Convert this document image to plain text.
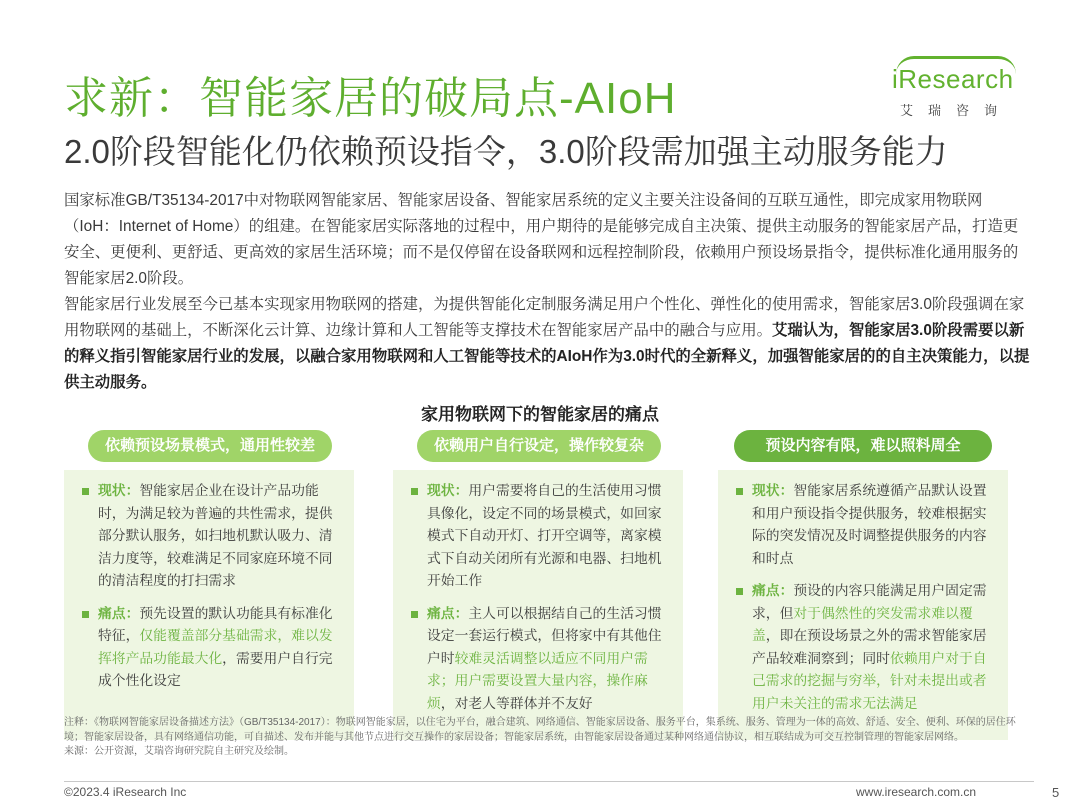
求新：智能家居的破局点-AIoH
2.0阶段智能化仍依赖预设指令，3.0阶段需加强主动服务能力
iResearch
艾瑞咨询

国家标准GB/T35134-2017中对物联网智能家居、智能家居设备、智能家居系统的定义主要关注设备间的互联互通性，即完成家用物联网（IoH：Internet of Home）的组建。在智能家居实际落地的过程中，用户期待的是能够完成自主决策、提供主动服务的智能家居产品，打造更安全、更便利、更舒适、更高效的家居生活环境；而不是仅停留在设备联网和远程控制阶段，依赖用户预设场景指令，提供标准化通用服务的智能家居2.0阶段。

智能家居行业发展至今已基本实现家用物联网的搭建，为提供智能化定制服务满足用户个性化、弹性化的使用需求，智能家居3.0阶段强调在家用物联网的基础上，不断深化云计算、边缘计算和人工智能等支撑技术在智能家居产品中的融合与应用。艾瑞认为，智能家居3.0阶段需要以新的释义指引智能家居行业的发展，以融合家用物联网和人工智能等技术的AIoH作为3.0时代的全新释义，加强智能家居的的自主决策能力，以提供主动服务。

家用物联网下的智能家居的痛点
依赖预设场景模式，通用性较差
现状：智能家居企业在设计产品功能时，为满足较为普遍的共性需求，提供部分默认服务，如扫地机默认吸力、清洁力度等，较难满足不同家庭环境不同的清洁程度的打扫需求
痛点：预先设置的默认功能具有标准化特征，仅能覆盖部分基础需求，难以发挥将产品功能最大化，需要用户自行完成个性化设定
依赖用户自行设定，操作较复杂
现状：用户需要将自己的生活使用习惯具像化，设定不同的场景模式，如回家模式下自动开灯、打开空调等，离家模式下自动关闭所有光源和电器、扫地机开始工作
痛点：主人可以根据结自己的生活习惯设定一套运行模式，但将家中有其他住户时较难灵活调整以适应不同用户需求；用户需要设置大量内容，操作麻烦，对老人等群体并不友好
预设内容有限，难以照料周全
现状：智能家居系统遵循产品默认设置和用户预设指令提供服务，较难根据实际的突发情况及时调整提供服务的内容和时点
痛点：预设的内容只能满足用户固定需求，但对于偶然性的突发需求难以覆盖，即在预设场景之外的需求智能家居产品较难洞察到；同时依赖用户对于自己需求的挖掘与穷举，针对未提出或者用户未关注的需求无法满足
注释：《物联网智能家居设备描述方法》（GB/T35134-2017）：物联网智能家居，以住宅为平台，融合建筑、网络通信、智能家居设备、服务平台，集系统、服务、管理为一体的高效、舒适、安全、便利、环保的居住环境；智能家居设备，具有网络通信功能，可自描述、发布并能与其他节点进行交互操作的家居设备；智能家居系统，由智能家居设备通过某种网络通信协议，相互联结成为可交互控制管理的智能家居网络。
来源：公开资源，艾瑞咨询研究院自主研究及绘制。
©2023.4 iResearch Inc	www.iresearch.com.cn	5
